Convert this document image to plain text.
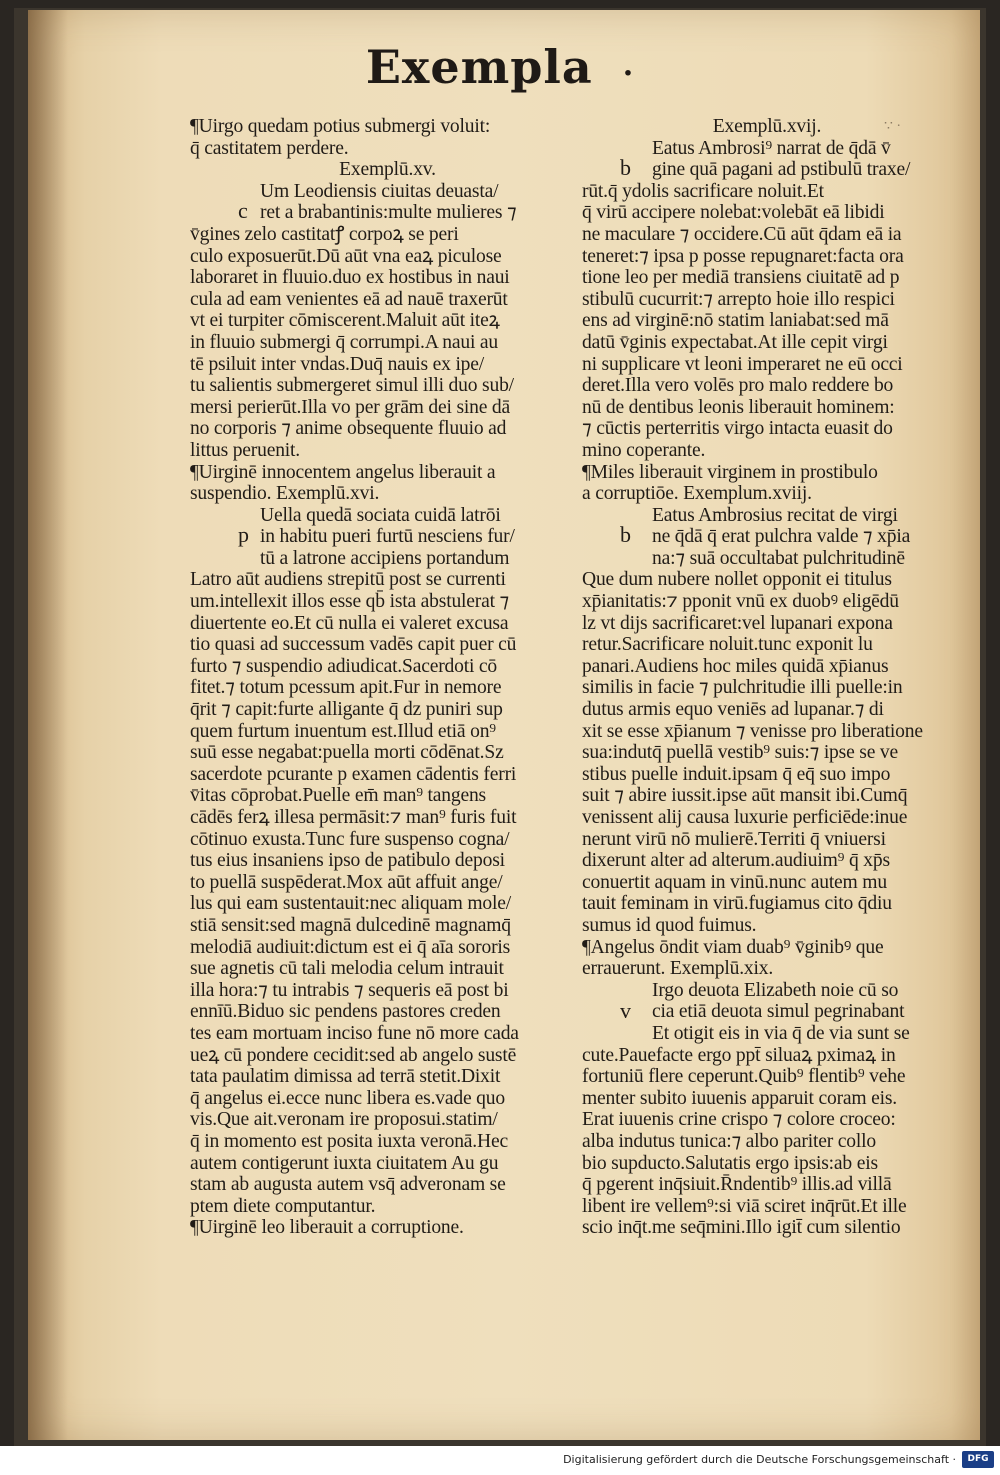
Exempla ·
∵ ·
¶Uirgo quedam potius submergi voluit:
q̄ castitatem perdere.
Exemplū.xv.
Um Leodiensis ciuitas deuasta/
ret a brabantinis:multe mulieres ⁊
v̄gines zelo castitatꝭ corpoꝝ se peri
culo exposuerūt.Dū aūt vna eaꝝ piculose
laboraret in fluuio.duo ex hostibus in naui
cula ad eam venientes eā ad nauē traxerūt
vt ei turpiter cōmiscerent.Maluit aūt iteꝝ
in fluuio submergi q̄ corrumpi.A naui au
tē psiluit inter vndas.Duq̄ nauis ex ipe/
tu salientis submergeret simul illi duo sub/
mersi perierūt.Illa vo per grām dei sine dā
no corporis ⁊ anime obsequente fluuio ad
littus peruenit.
¶Uirginē innocentem angelus liberauit a
suspendio. Exemplū.xvi.
Uella quedā sociata cuidā latrōi
in habitu pueri furtū nesciens fur/
tū a latrone accipiens portandum
Latro aūt audiens strepitū post se currenti
um.intellexit illos esse qb̄ ista abstulerat ⁊
diuertente eo.Et cū nulla ei valeret excusa
tio quasi ad successum vadēs capit puer cū
furto ⁊ suspendio adiudicat.Sacerdoti cō
fitet.⁊ totum pcessum apit.Fur in nemore
q̄rit ⁊ capit:furte alligante q̄ dz puniri sup
quem furtum inuentum est.Illud etiā on⁹
suū esse negabat:puella morti cōdēnat.Sz
sacerdote pcurante p examen cādentis ferri
v̄itas cōprobat.Puelle em̄ man⁹ tangens
cādēs ferꝝ illesa permāsit:⁊ man⁹ furis fuit
cōtinuo exusta.Tunc fure suspenso cogna/
tus eius insaniens ipso de patibulo deposi
to puellā suspēderat.Mox aūt affuit ange/
lus qui eam sustentauit:nec aliquam mole/
stiā sensit:sed magnā dulcedinē magnamq̄
melodiā audiuit:dictum est ei q̄ aīa sororis
sue agnetis cū tali melodia celum intrauit
illa hora:⁊ tu intrabis ⁊ sequeris eā post bi
ennīū.Biduo sic pendens pastores creden
tes eam mortuam inciso fune nō more cada
ueꝝ cū pondere cecidit:sed ab angelo sustē
tata paulatim dimissa ad terrā stetit.Dixit
q̄ angelus ei.ecce nunc libera es.vade quo
vis.Que ait.veronam ire proposui.statim/
q̄ in momento est posita iuxta veronā.Hec
autem contigerunt iuxta ciuitatem Au gu
stam ab augusta autem vsq̄ adveronam se
ptem diete computantur.
¶Uirginē leo liberauit a corruptione.
c
p
Exemplū.xvij.
Eatus Ambrosi⁹ narrat de q̄dā v̄
gine quā pagani ad pstibulū traxe/
rūt.q̄ ydolis sacrificare noluit.Et
q̄ virū accipere nolebat:volebāt eā libidi
ne maculare ⁊ occidere.Cū aūt q̄dam eā ia
teneret:⁊ ipsa p posse repugnaret:facta ora
tione leo per mediā transiens ciuitatē ad p
stibulū cucurrit:⁊ arrepto hoie illo respici
ens ad virginē:nō statim laniabat:sed mā
datū v̄ginis expectabat.At ille cepit virgi
ni supplicare vt leoni imperaret ne eū occi
deret.Illa vero volēs pro malo reddere bo
nū de dentibus leonis liberauit hominem:
⁊ cūctis perterritis virgo intacta euasit do
mino coperante.
¶Miles liberauit virginem in prostibulo
a corruptiōe. Exemplum.xviij.
Eatus Ambrosius recitat de virgi
ne q̄dā q̄ erat pulchra valde ⁊ xp̄ia
na:⁊ suā occultabat pulchritudinē
Que dum nubere nollet opponit ei titulus
xp̄ianitatis:⁊ pponit vnū ex duobꝰ eligēdū
lz vt dijs sacrificaret:vel lupanari expona
retur.Sacrificare noluit.tunc exponit lu
panari.Audiens hoc miles quidā xp̄ianus
similis in facie ⁊ pulchritudie illi puelle:in
dutus armis equo veniēs ad lupanar.⁊ di
xit se esse xp̄ianum ⁊ venisse pro liberatione
sua:indutq̄ puellā vestib⁹ suis:⁊ ipse se ve
stibus puelle induit.ipsam q̄ eq̄ suo impo
suit ⁊ abire iussit.ipse aūt mansit ibi.Cumq̄
venissent alij causa luxurie perficiēde:inue
nerunt virū nō mulierē.Territi q̄ vniuersi
dixerunt alter ad alterum.audiuim⁹ q̄ xp̄s
conuertit aquam in vinū.nunc autem mu
tauit feminam in virū.fugiamus cito q̄diu
sumus id quod fuimus.
¶Angelus ōndit viam duab⁹ v̄ginibꝰ que
errauerunt. Exemplū.xix.
Irgo deuota Elizabeth noie cū so
cia etiā deuota simul pegrinabant
Et otigit eis in via q̄ de via sunt se
cute.Pauefacte ergo ppt̄ siluaꝝ pximaꝝ in
fortuniū flere ceperunt.Quib⁹ flentib⁹ vehe
menter subito iuuenis apparuit coram eis.
Erat iuuenis crine crispo ⁊ colore croceo:
alba indutus tunica:⁊ albo pariter collo
bio supducto.Salutatis ergo ipsis:ab eis
q̄ pgerent inq̄siuit.R̄ndentib⁹ illis.ad villā
libent ire vellem⁹:si viā sciret inq̄rūt.Et ille
scio inq̄t.me seq̄mini.Illo igit̄ cum silentio
b
b
v
Digitalisierung gefördert durch die Deutsche Forschungsgemeinschaft ·	DFG
